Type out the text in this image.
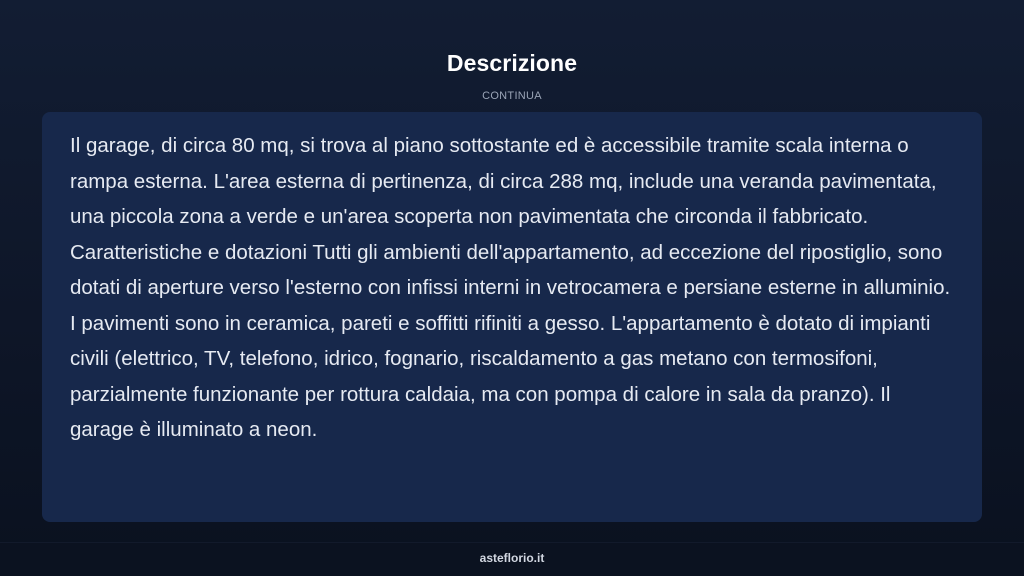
Descrizione
CONTINUA

Il garage, di circa 80 mq, si trova al piano sottostante ed è accessibile tramite scala interna o rampa esterna. L'area esterna di pertinenza, di circa 288 mq, include una veranda pavimentata, una piccola zona a verde e un'area scoperta non pavimentata che circonda il fabbricato. Caratteristiche e dotazioni Tutti gli ambienti dell'appartamento, ad eccezione del ripostiglio, sono dotati di aperture verso l'esterno con infissi interni in vetrocamera e persiane esterne in alluminio. I pavimenti sono in ceramica, pareti e soffitti rifiniti a gesso. L'appartamento è dotato di impianti civili (elettrico, TV, telefono, idrico, fognario, riscaldamento a gas metano con termosifoni, parzialmente funzionante per rottura caldaia, ma con pompa di calore in sala da pranzo). Il garage è illuminato a neon.

asteflorio.it
